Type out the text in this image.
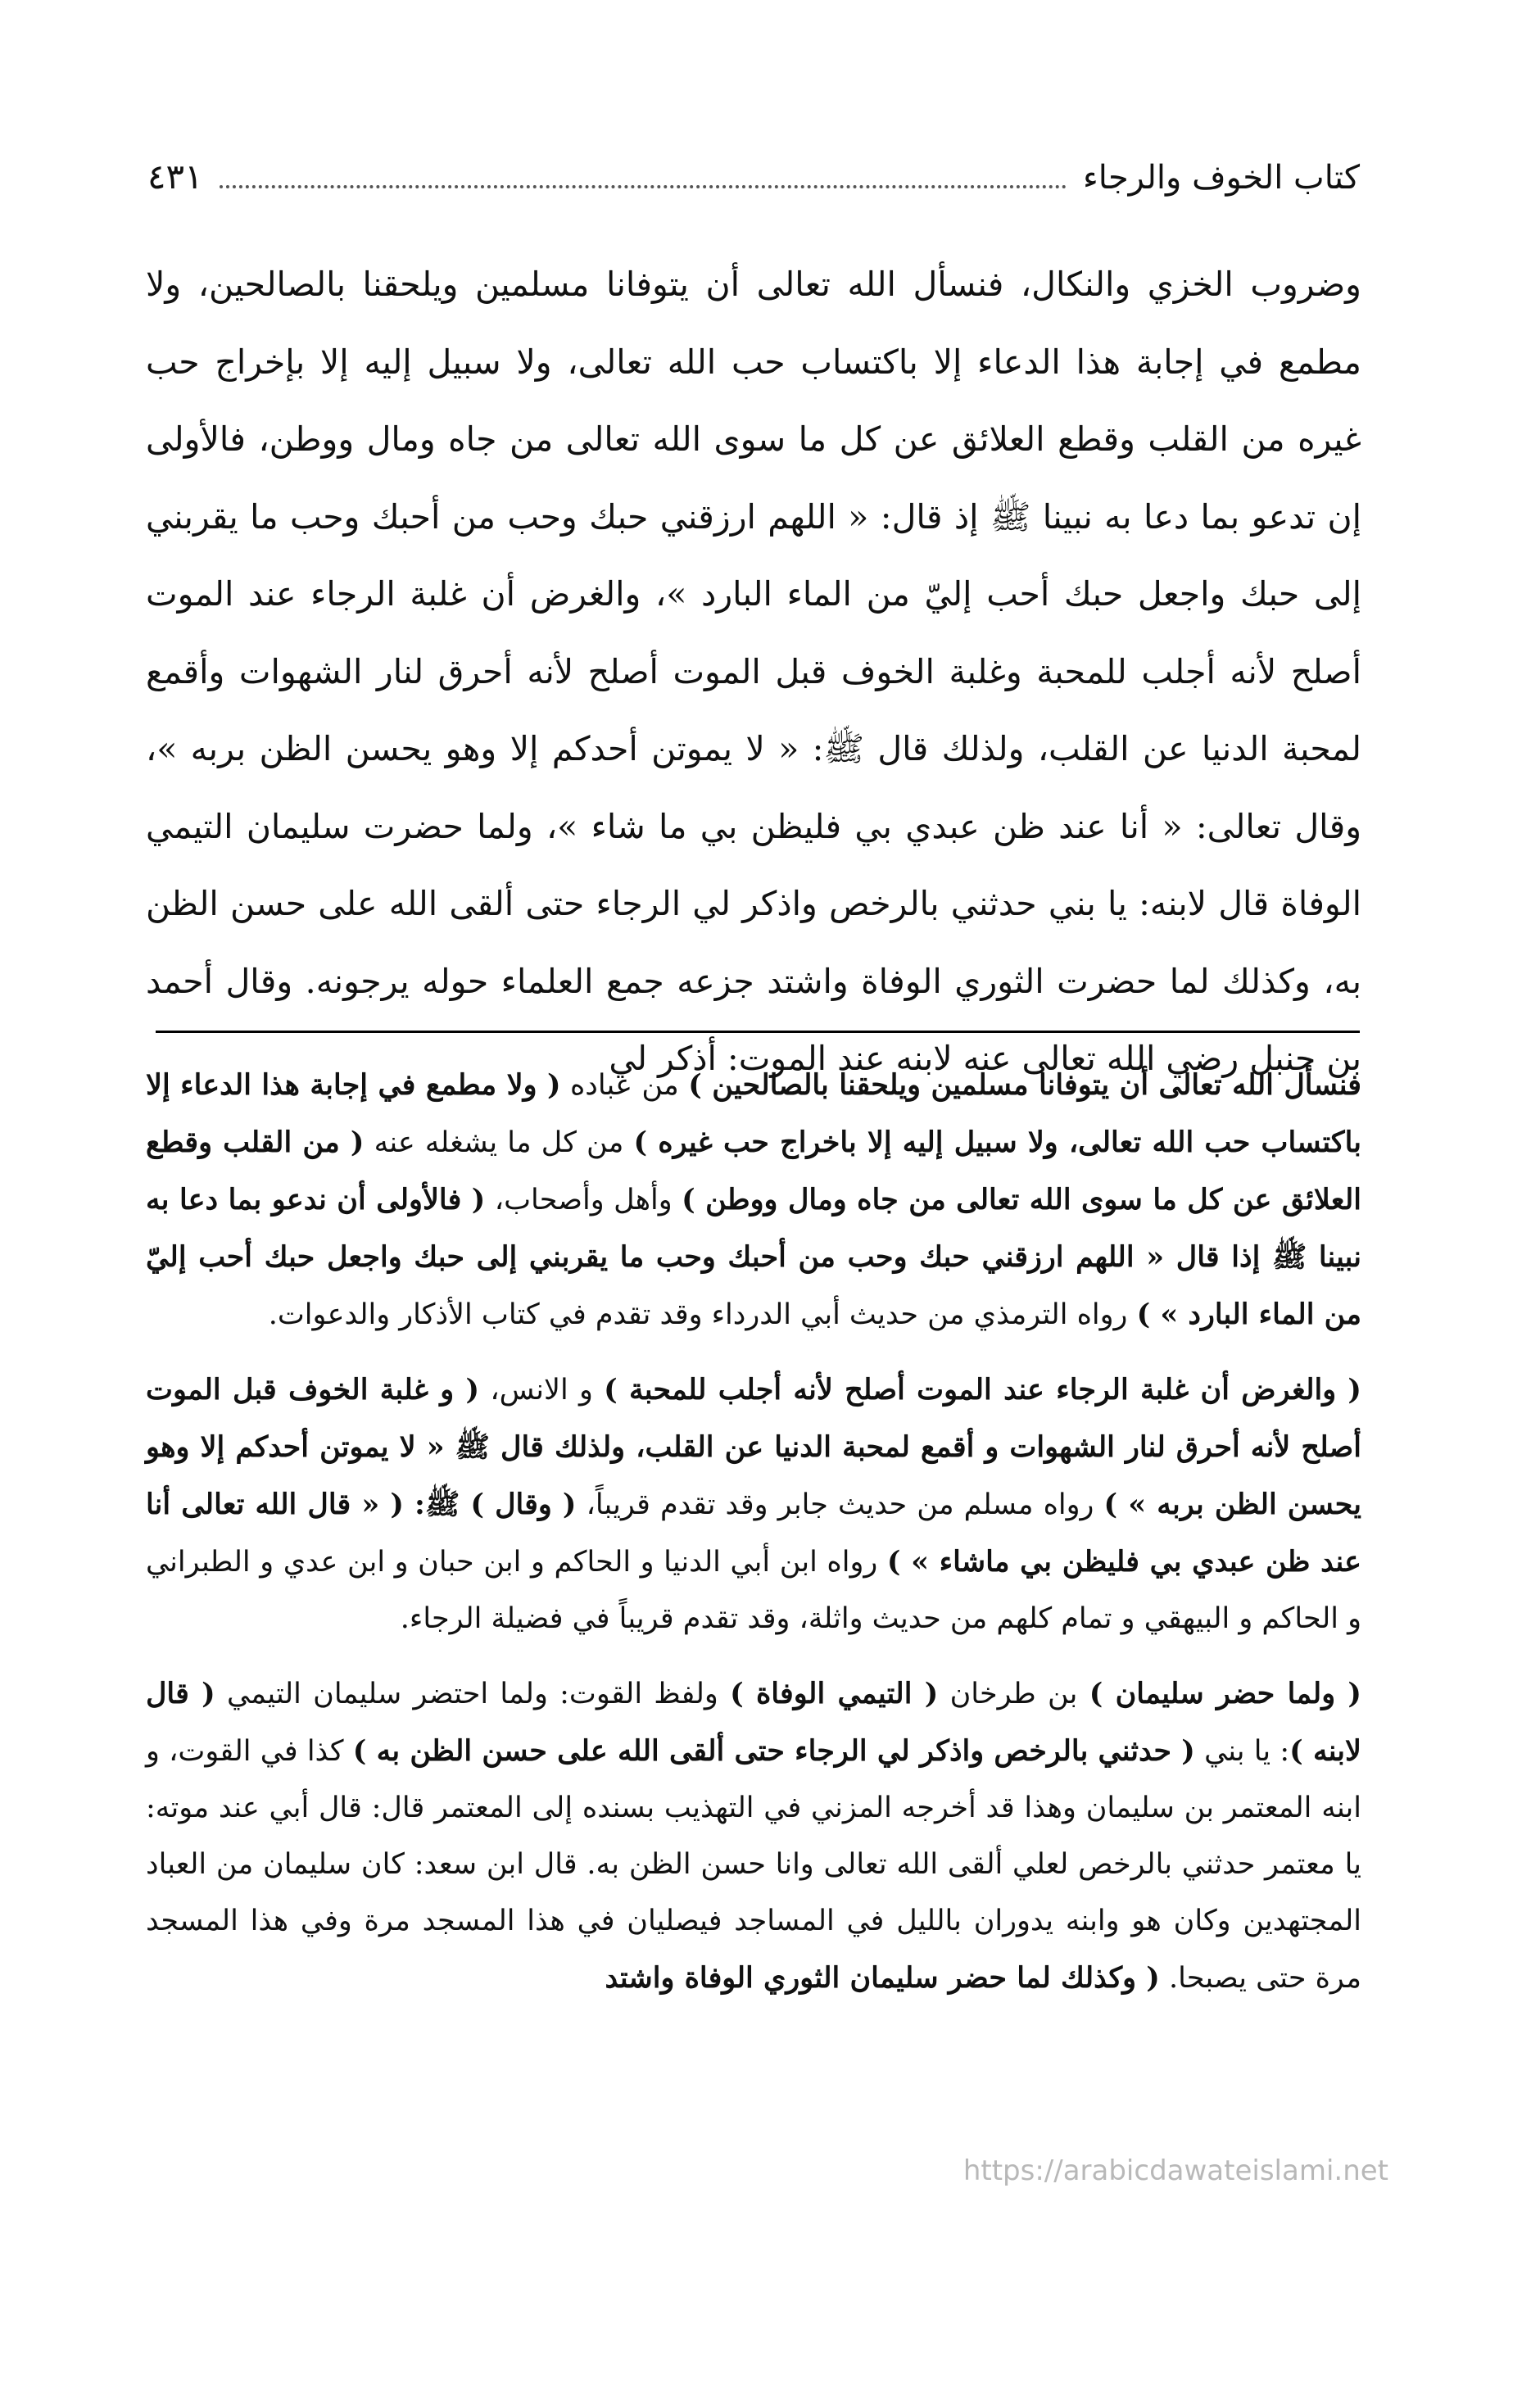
كتاب الخوف والرجاء
٤٣١

وضروب الخزي والنكال، فنسأل الله تعالى أن يتوفانا مسلمين ويلحقنا بالصالحين، ولا مطمع في إجابة هذا الدعاء إلا باكتساب حب الله تعالى، ولا سبيل إليه إلا بإخراج حب غيره من القلب وقطع العلائق عن كل ما سوى الله تعالى من جاه ومال ووطن، فالأولى إن تدعو بما دعا به نبينا ﷺ إذ قال: « اللهم ارزقني حبك وحب من أحبك وحب ما يقربني إلى حبك واجعل حبك أحب إليّ من الماء البارد »، والغرض أن غلبة الرجاء عند الموت أصلح لأنه أجلب للمحبة وغلبة الخوف قبل الموت أصلح لأنه أحرق لنار الشهوات وأقمع لمحبة الدنيا عن القلب، ولذلك قال ﷺ: « لا يموتن أحدكم إلا وهو يحسن الظن بربه »، وقال تعالى: « أنا عند ظن عبدي بي فليظن بي ما شاء »، ولما حضرت سليمان التيمي الوفاة قال لابنه: يا بني حدثني بالرخص واذكر لي الرجاء حتى ألقى الله على حسن الظن به، وكذلك لما حضرت الثوري الوفاة واشتد جزعه جمع العلماء حوله يرجونه. وقال أحمد بن حنبل رضي الله تعالى عنه لابنه عند الموت: أذكر لي

فنسأل الله تعالى أن يتوفانا مسلمين ويلحقنا بالصالحين ) من عباده ( ولا مطمع في إجابة هذا الدعاء إلا باكتساب حب الله تعالى، ولا سبيل إليه إلا باخراج حب غيره ) من كل ما يشغله عنه ( من القلب وقطع العلائق عن كل ما سوى الله تعالى من جاه ومال ووطن ) وأهل وأصحاب، ( فالأولى أن ندعو بما دعا به نبينا ﷺ إذا قال « اللهم ارزقني حبك وحب من أحبك وحب ما يقربني إلى حبك واجعل حبك أحب إليّ من الماء البارد » ) رواه الترمذي من حديث أبي الدرداء وقد تقدم في كتاب الأذكار والدعوات.

( والغرض أن غلبة الرجاء عند الموت أصلح لأنه أجلب للمحبة ) و الانس، ( و غلبة الخوف قبل الموت أصلح لأنه أحرق لنار الشهوات و أقمع لمحبة الدنيا عن القلب، ولذلك قال ﷺ « لا يموتن أحدكم إلا وهو يحسن الظن بربه » ) رواه مسلم من حديث جابر وقد تقدم قريباً، ( وقال ) ﷺ: ( « قال الله تعالى أنا عند ظن عبدي بي فليظن بي ماشاء » ) رواه ابن أبي الدنيا و الحاكم و ابن حبان و ابن عدي و الطبراني و الحاكم و البيهقي و تمام كلهم من حديث واثلة، وقد تقدم قريباً في فضيلة الرجاء.

( ولما حضر سليمان ) بن طرخان ( التيمي الوفاة ) ولفظ القوت: ولما احتضر سليمان التيمي ( قال لابنه ): يا بني ( حدثني بالرخص واذكر لي الرجاء حتى ألقى الله على حسن الظن به ) كذا في القوت، و ابنه المعتمر بن سليمان وهذا قد أخرجه المزني في التهذيب بسنده إلى المعتمر قال: قال أبي عند موته: يا معتمر حدثني بالرخص لعلي ألقى الله تعالى وانا حسن الظن به. قال ابن سعد: كان سليمان من العباد المجتهدين وكان هو وابنه يدوران بالليل في المساجد فيصليان في هذا المسجد مرة وفي هذا المسجد مرة حتى يصبحا. ( وكذلك لما حضر سليمان الثوري الوفاة واشتد

https://arabicdawateislami.net
